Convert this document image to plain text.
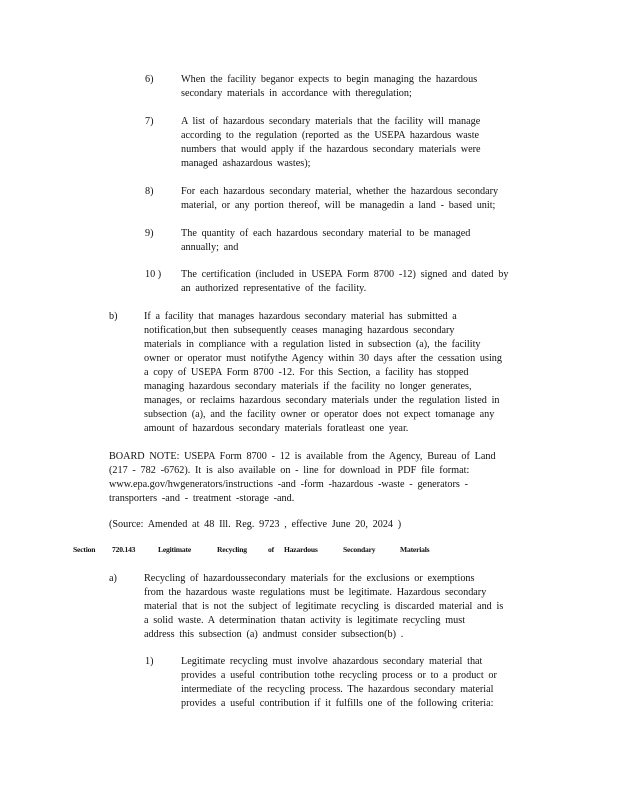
6)	When the facility beganor expects to begin managing the hazardous
secondary materials in accordance with theregulation;
7)	A list of hazardous secondary materials that the facility will manage
according to the regulation (reported as the USEPA hazardous waste
numbers that would apply if the hazardous secondary materials were
managed ashazardous wastes);
8)	For each hazardous secondary material, whether the hazardous secondary
material, or any portion thereof, will be managedin a land - based unit;
9)	The quantity of each hazardous secondary material to be managed
annually; and
10 ) The certification (included in USEPA Form 8700 -12) signed and dated by
an authorized representative of the facility.
b)	If a facility that manages hazardous secondary material has submitted a
notification,but then subsequently ceases managing hazardous secondary
materials in compliance with a regulation listed in subsection (a), the facility
owner or operator must notifythe Agency within 30 days after the cessation using
a copy of USEPA Form 8700 -12. For this Section, a facility has stopped
managing hazardous secondary materials if the facility no longer generates,
manages, or reclaims hazardous secondary materials under the regulation listed in
subsection (a), and the facility owner or operator does not expect tomanage any
amount of hazardous secondary materials foratleast one year.
BOARD NOTE: USEPA Form 8700 - 12 is available from the Agency, Bureau of Land
(217 - 782 -6762). It is also available on - line for download in PDF file format:
www.epa.gov/hwgenerators/instructions -and -form -hazardous -waste - generators -
transporters -and - treatment -storage -and.
(Source: Amended at 48 Ill. Reg. 9723 , effective June 20, 2024 )
Section 720.143	Legitimate	Recycling	of Hazardous	Secondary	Materials
a)	Recycling of hazardoussecondary materials for the exclusions or exemptions
from the hazardous waste regulations must be legitimate. Hazardous secondary
material that is not the subject of legitimate recycling is discarded material and is
a solid waste. A determination thatan activity is legitimate recycling must
address this subsection (a) andmust consider subsection(b) .
1)	Legitimate recycling must involve ahazardous secondary material that
provides a useful contribution tothe recycling process or to a product or
intermediate of the recycling process. The hazardous secondary material
provides a useful contribution if it fulfills one of the following criteria:
